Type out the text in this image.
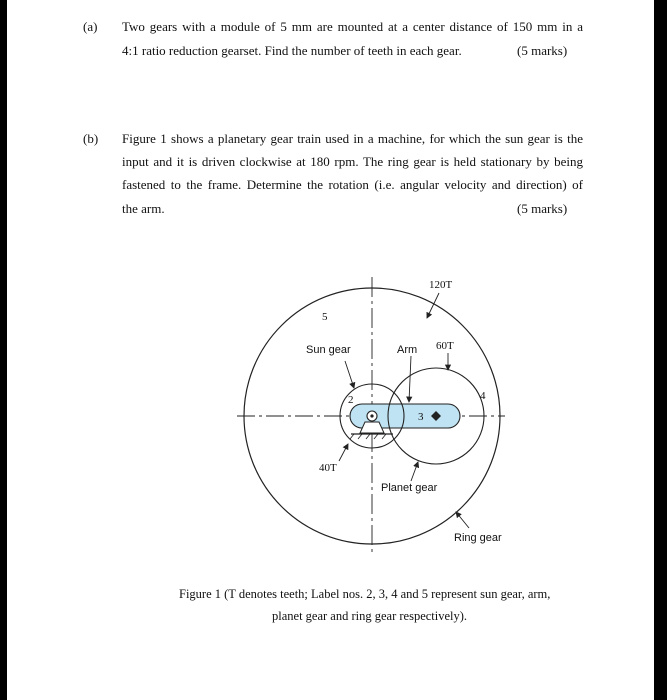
(a) Two gears with a module of 5 mm are mounted at a center distance of 150 mm in a
4:1 ratio reduction gearset. Find the number of teeth in each gear.	(5 marks)
(b) Figure 1 shows a planetary gear train used in a machine, for which the sun gear is the
input and it is driven clockwise at 180 rpm. The ring gear is held stationary by being
fastened to the frame. Determine the rotation (i.e. angular velocity and direction) of
the arm.	(5 marks)
120T
60T
40T
5
4
3
2
Sun gear	Arm
Planet gear
Ring gear
Figure 1 (T denotes teeth; Label nos. 2, 3, 4 and 5 represent sun gear, arm,
planet gear and ring gear respectively).
